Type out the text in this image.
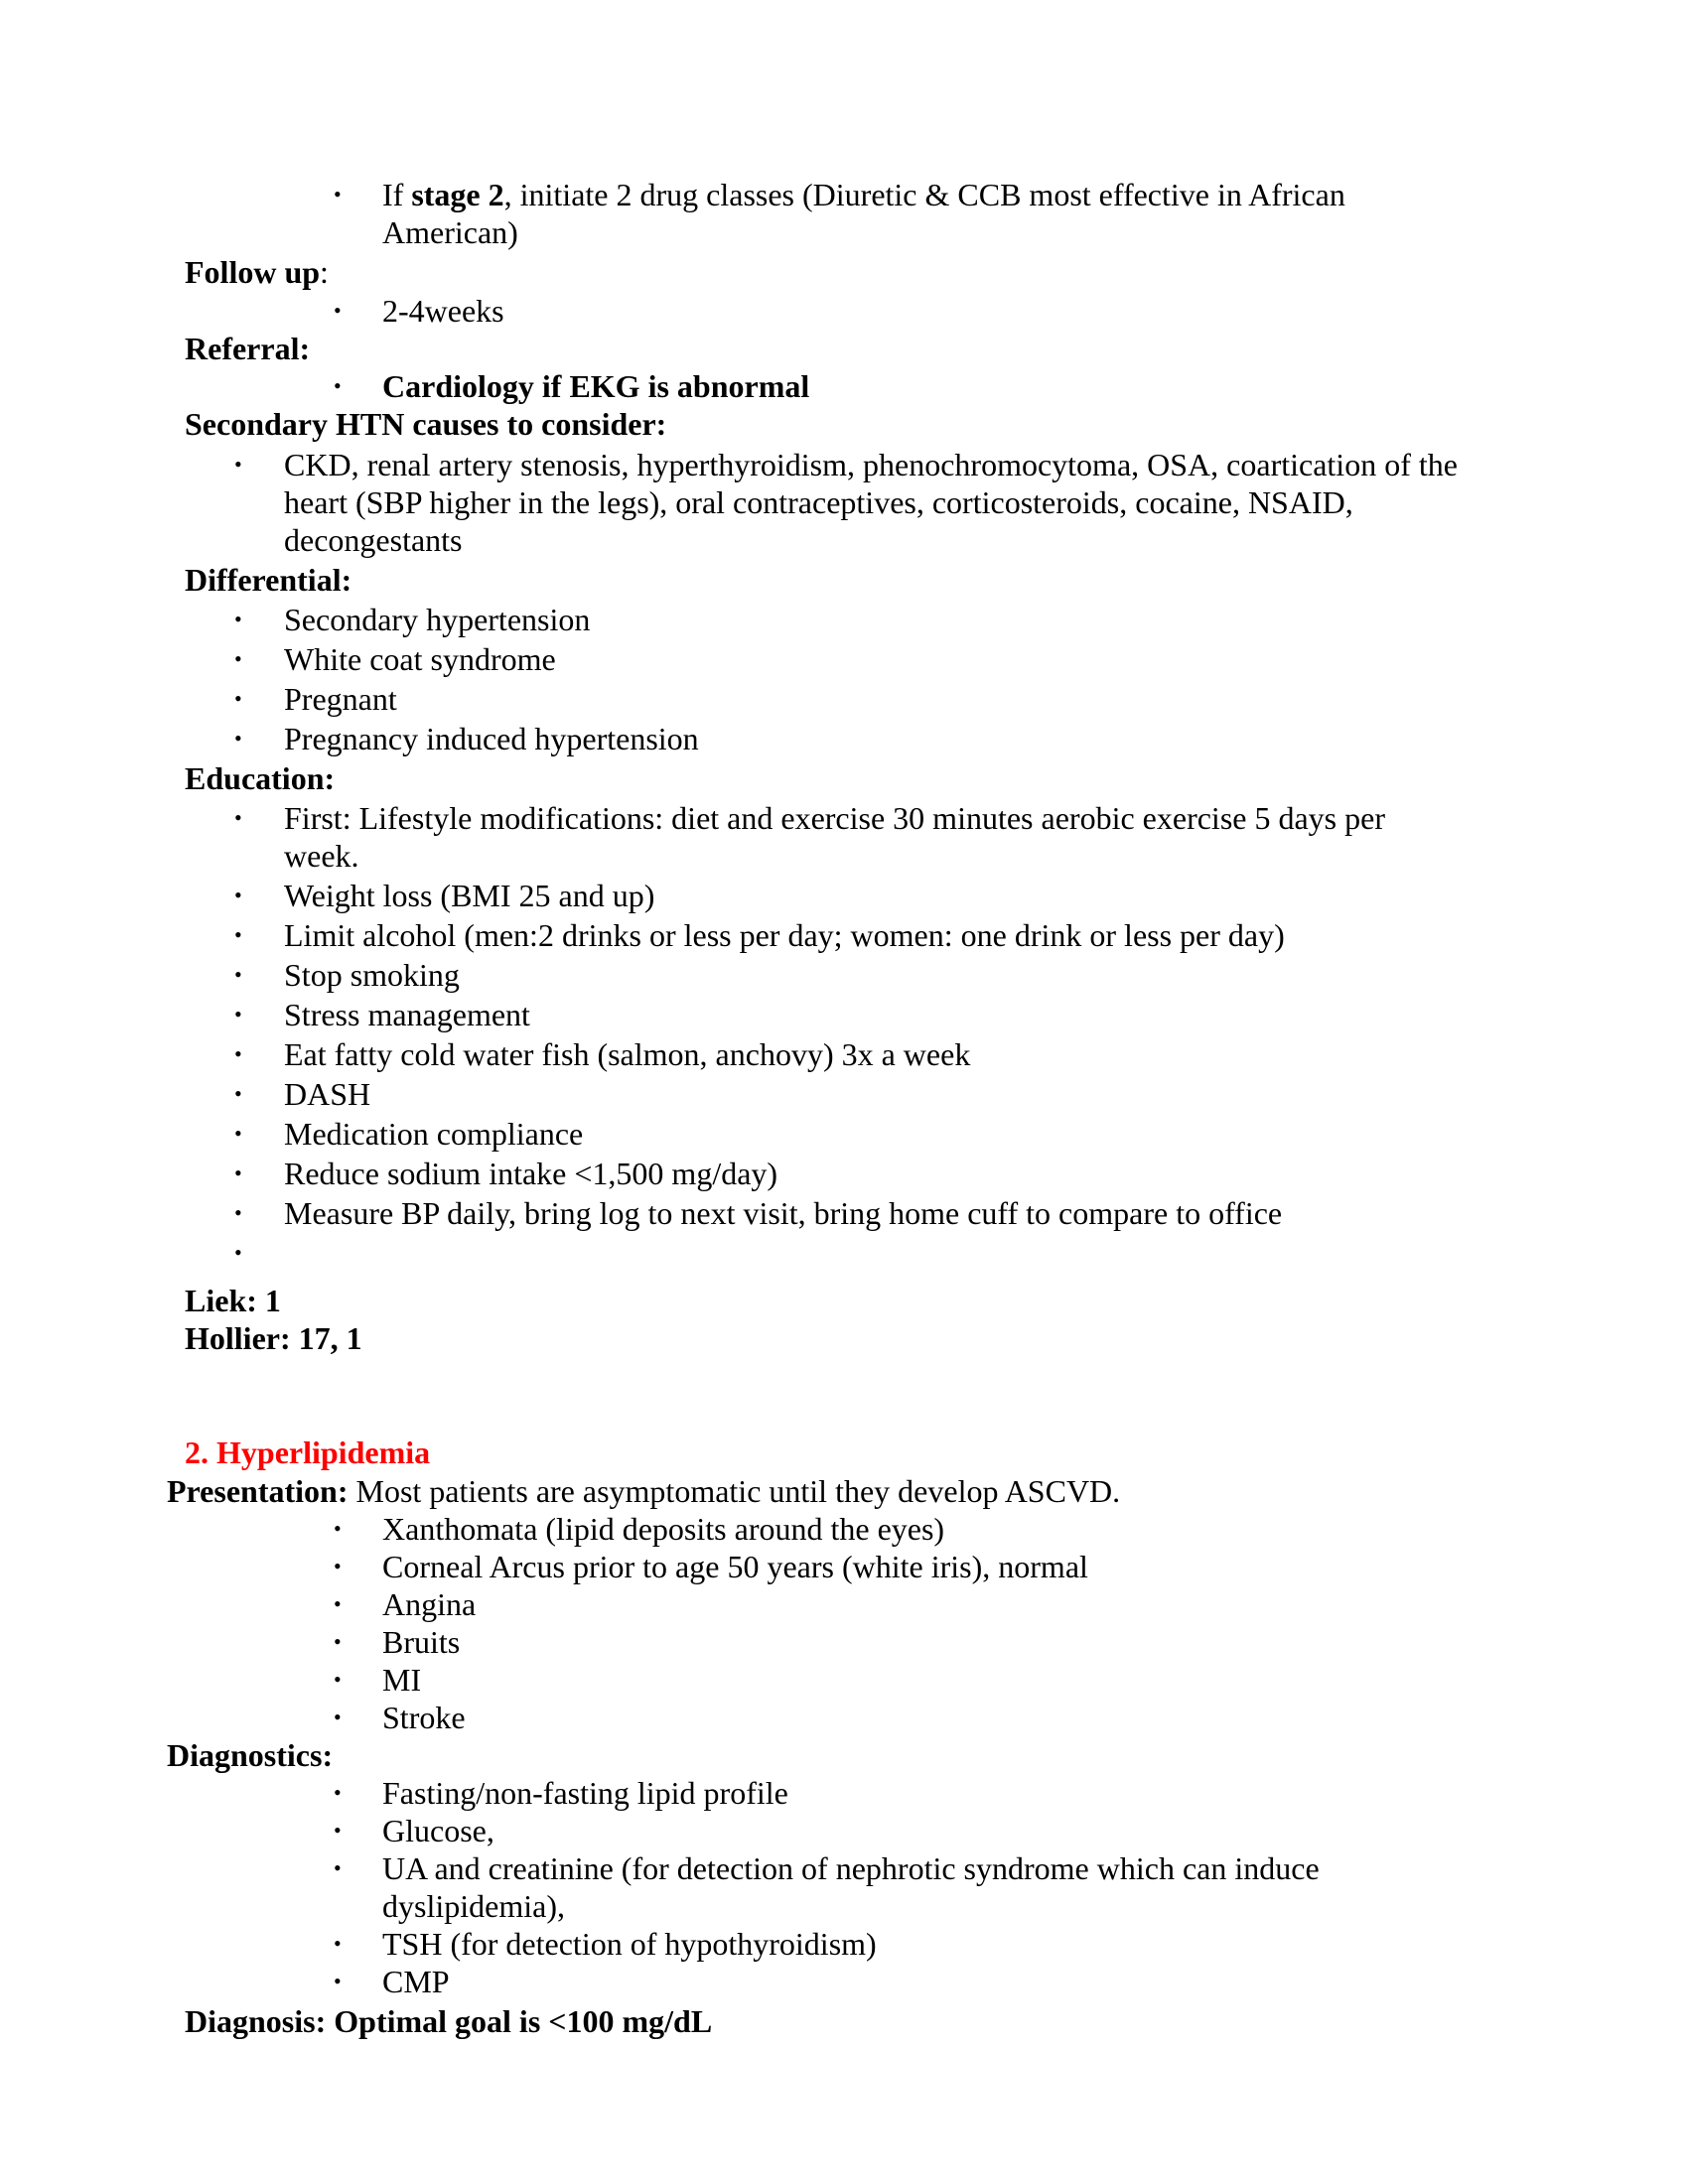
• If stage 2, initiate 2 drug classes (Diuretic & CCB most effective in African
American)
Follow up:
• 2-4weeks
Referral:
• Cardiology if EKG is abnormal
Secondary HTN causes to consider:
• CKD, renal artery stenosis, hyperthyroidism, phenochromocytoma, OSA, coartication of the
heart (SBP higher in the legs), oral contraceptives, corticosteroids, cocaine, NSAID,
decongestants
Differential:
• Secondary hypertension
• White coat syndrome
• Pregnant
• Pregnancy induced hypertension
Education:
• First: Lifestyle modifications: diet and exercise 30 minutes aerobic exercise 5 days per
week.
• Weight loss (BMI 25 and up)
• Limit alcohol (men:2 drinks or less per day; women: one drink or less per day)
• Stop smoking
• Stress management
• Eat fatty cold water fish (salmon, anchovy) 3x a week
• DASH
• Medication compliance
• Reduce sodium intake <1,500 mg/day)
• Measure BP daily, bring log to next visit, bring home cuff to compare to office
•
Liek: 1
Hollier: 17, 1
2. Hyperlipidemia
Presentation: Most patients are asymptomatic until they develop ASCVD.
• Xanthomata (lipid deposits around the eyes)
• Corneal Arcus prior to age 50 years (white iris), normal
• Angina
• Bruits
• MI
• Stroke
Diagnostics:
• Fasting/non-fasting lipid profile
• Glucose,
• UA and creatinine (for detection of nephrotic syndrome which can induce
dyslipidemia),
• TSH (for detection of hypothyroidism)
• CMP
Diagnosis: Optimal goal is <100 mg/dL
